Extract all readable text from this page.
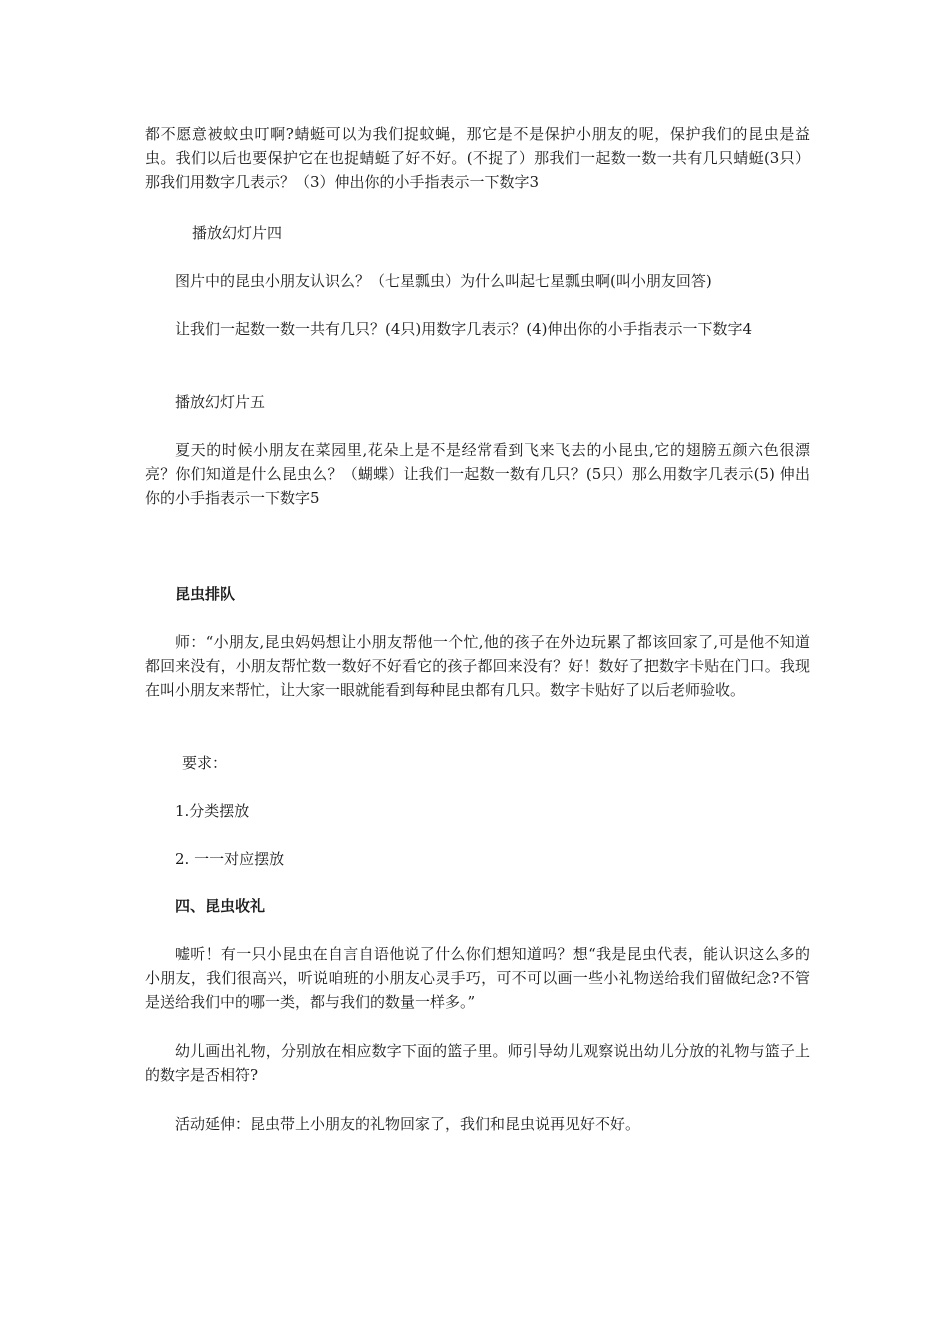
都不愿意被蚊虫叮啊?蜻蜓可以为我们捉蚊蝇，那它是不是保护小朋友的呢，保护我们的昆虫是益虫。我们以后也要保护它在也捉蜻蜓了好不好。(不捉了）那我们一起数一数一共有几只蜻蜓(3只）那我们用数字几表示？（3）伸出你的小手指表示一下数字3

播放幻灯片四

图片中的昆虫小朋友认识么？（七星瓢虫）为什么叫起七星瓢虫啊(叫小朋友回答)

让我们一起数一数一共有几只？(4只)用数字几表示？(4)伸出你的小手指表示一下数字4

播放幻灯片五

夏天的时候小朋友在菜园里,花朵上是不是经常看到飞来飞去的小昆虫,它的翅膀五颜六色很漂亮？你们知道是什么昆虫么？（蝴蝶）让我们一起数一数有几只？(5只）那么用数字几表示(5) 伸出你的小手指表示一下数字5

昆虫排队

师：“小朋友,昆虫妈妈想让小朋友帮他一个忙,他的孩子在外边玩累了都该回家了,可是他不知道都回来没有，小朋友帮忙数一数好不好看它的孩子都回来没有？好！数好了把数字卡贴在门口。我现在叫小朋友来帮忙，让大家一眼就能看到每种昆虫都有几只。数字卡贴好了以后老师验收。

要求：

1.分类摆放

2. 一一对应摆放

四、昆虫收礼

嘘听！有一只小昆虫在自言自语他说了什么你们想知道吗？想“我是昆虫代表，能认识这么多的小朋友，我们很高兴，听说咱班的小朋友心灵手巧，可不可以画一些小礼物送给我们留做纪念?不管是送给我们中的哪一类，都与我们的数量一样多。”

幼儿画出礼物，分别放在相应数字下面的篮子里。师引导幼儿观察说出幼儿分放的礼物与篮子上的数字是否相符?

活动延伸：昆虫带上小朋友的礼物回家了，我们和昆虫说再见好不好。
